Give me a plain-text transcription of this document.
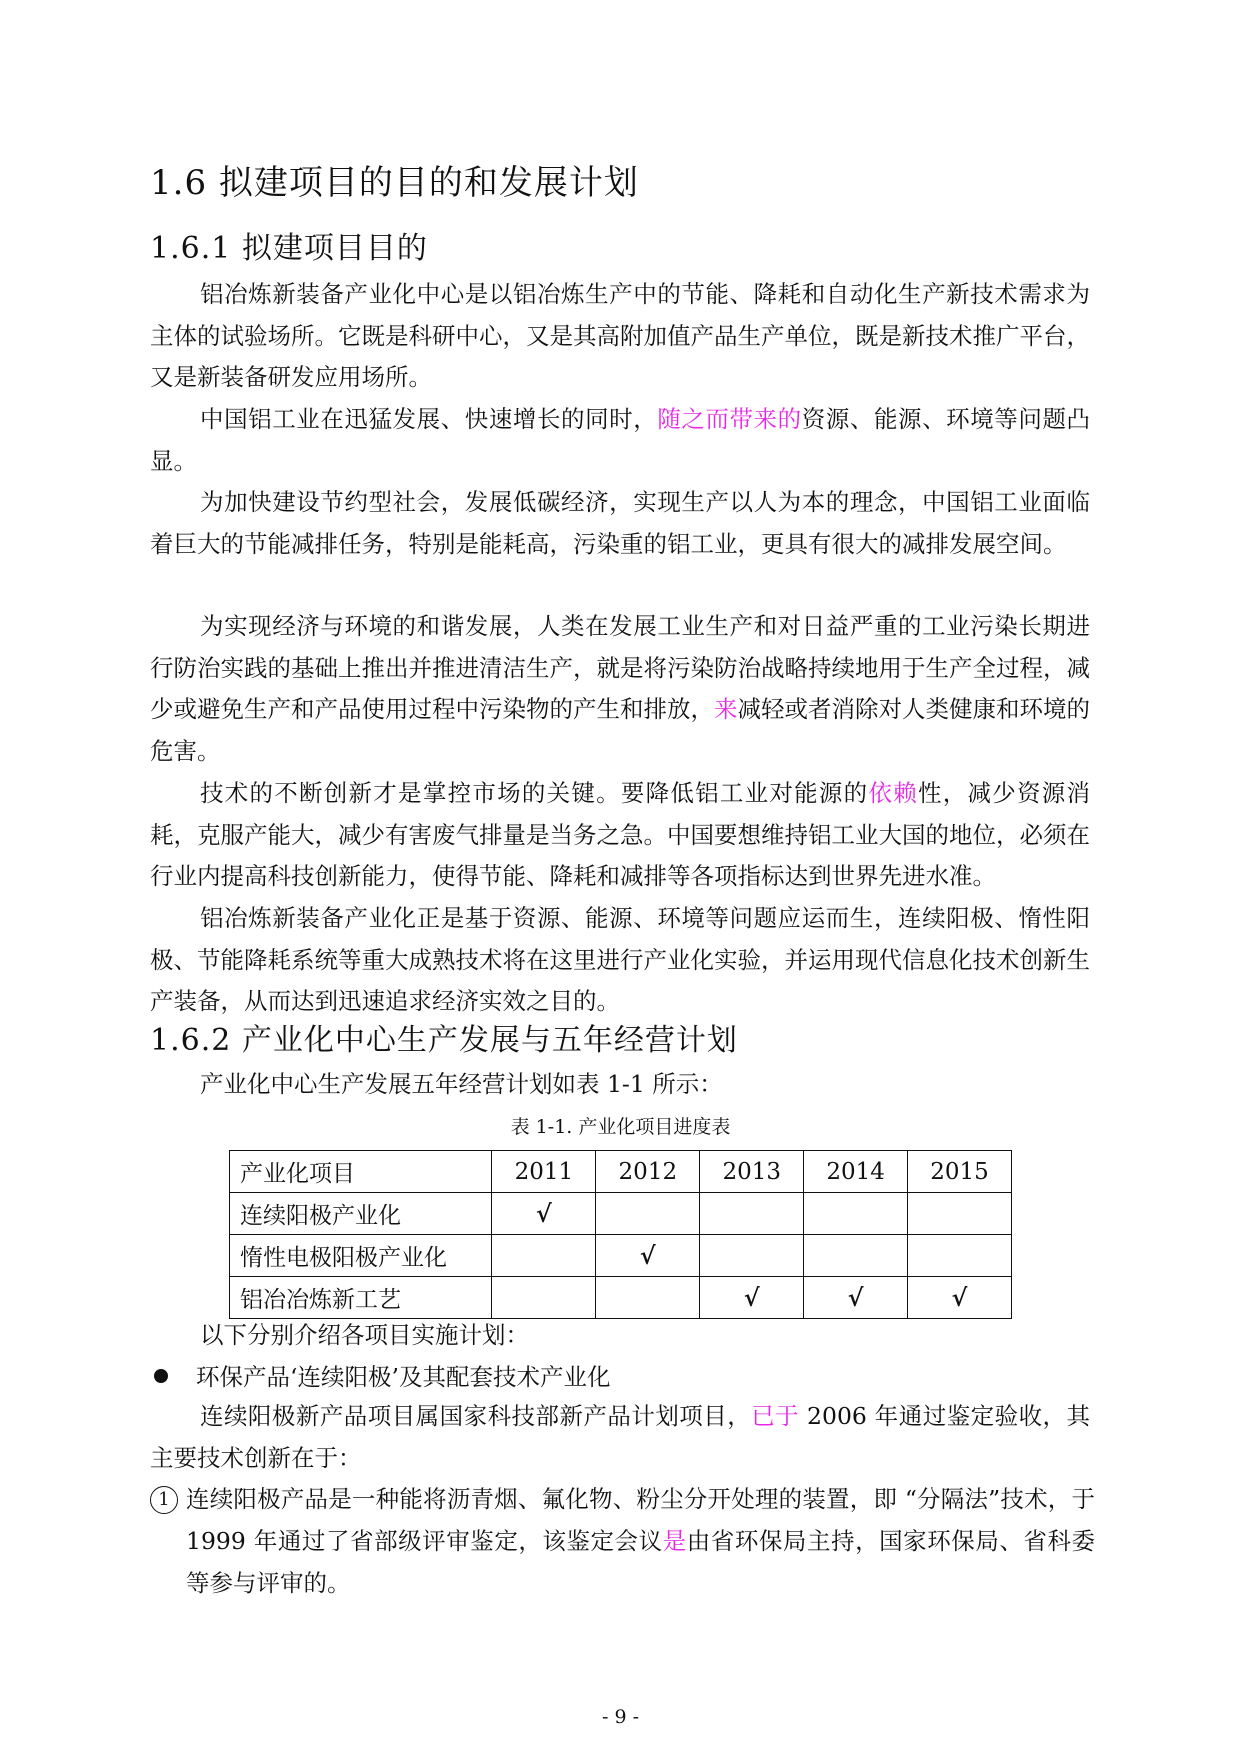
1.6 拟建项目的目的和发展计划
1.6.1 拟建项目目的
铝冶炼新装备产业化中心是以铝冶炼生产中的节能、降耗和自动化生产新技术需求为主体的试验场所。它既是科研中心，又是其高附加值产品生产单位，既是新技术推广平台，又是新装备研发应用场所。
中国铝工业在迅猛发展、快速增长的同时，随之而带来的资源、能源、环境等问题凸显。
为加快建设节约型社会，发展低碳经济，实现生产以人为本的理念，中国铝工业面临着巨大的节能减排任务，特别是能耗高，污染重的铝工业，更具有很大的减排发展空间。
为实现经济与环境的和谐发展，人类在发展工业生产和对日益严重的工业污染长期进行防治实践的基础上推出并推进清洁生产，就是将污染防治战略持续地用于生产全过程，减少或避免生产和产品使用过程中污染物的产生和排放，来减轻或者消除对人类健康和环境的危害。
技术的不断创新才是掌控市场的关键。要降低铝工业对能源的依赖性，减少资源消耗，克服产能大，减少有害废气排量是当务之急。中国要想维持铝工业大国的地位，必须在行业内提高科技创新能力，使得节能、降耗和减排等各项指标达到世界先进水准。
铝冶炼新装备产业化正是基于资源、能源、环境等问题应运而生，连续阳极、惰性阳极、节能降耗系统等重大成熟技术将在这里进行产业化实验，并运用现代信息化技术创新生产装备，从而达到迅速追求经济实效之目的。
1.6.2 产业化中心生产发展与五年经营计划
产业化中心生产发展五年经营计划如表 1-1 所示：
表 1-1. 产业化项目进度表
产业化项目	2011	2012	2013	2014	2015
连续阳极产业化	√				
惰性电极阳极产业化		√			
铝冶冶炼新工艺			√	√	√
以下分别介绍各项目实施计划：
环保产品‘连续阳极’及其配套技术产业化
连续阳极新产品项目属国家科技部新产品计划项目，已于 2006 年通过鉴定验收，其主要技术创新在于：
1 连续阳极产品是一种能将沥青烟、氟化物、粉尘分开处理的装置，即 “分隔法”技术，于 1999 年通过了省部级评审鉴定，该鉴定会议是由省环保局主持，国家环保局、省科委等参与评审的。
- 9 -
